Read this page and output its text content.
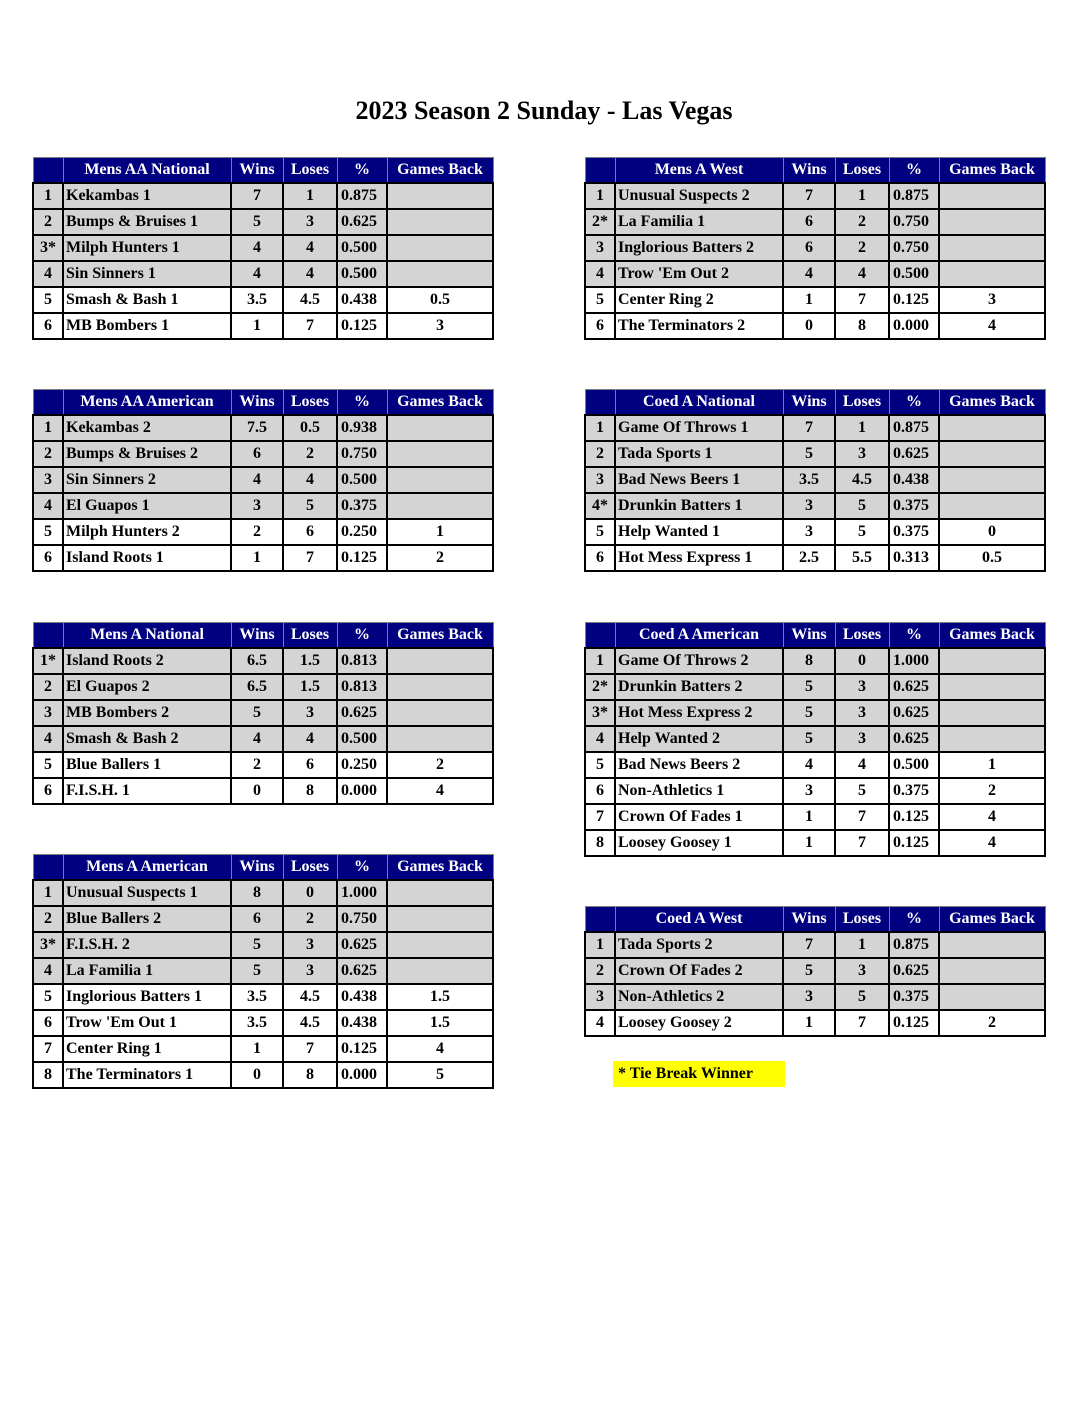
2023 Season 2 Sunday - Las Vegas
	Mens AA National	Wins	Loses	%	Games Back
1	Kekambas 1	7	1	0.875	
2	Bumps & Bruises 1	5	3	0.625	
3*	Milph Hunters 1	4	4	0.500	
4	Sin Sinners 1	4	4	0.500	
5	Smash & Bash 1	3.5	4.5	0.438	0.5
6	MB Bombers 1	1	7	0.125	3
	Mens AA American	Wins	Loses	%	Games Back
1	Kekambas 2	7.5	0.5	0.938	
2	Bumps & Bruises 2	6	2	0.750	
3	Sin Sinners 2	4	4	0.500	
4	El Guapos 1	3	5	0.375	
5	Milph Hunters 2	2	6	0.250	1
6	Island Roots 1	1	7	0.125	2
	Mens A National	Wins	Loses	%	Games Back
1*	Island Roots 2	6.5	1.5	0.813	
2	El Guapos 2	6.5	1.5	0.813	
3	MB Bombers 2	5	3	0.625	
4	Smash & Bash 2	4	4	0.500	
5	Blue Ballers 1	2	6	0.250	2
6	F.I.S.H. 1	0	8	0.000	4
	Mens A American	Wins	Loses	%	Games Back
1	Unusual Suspects 1	8	0	1.000	
2	Blue Ballers 2	6	2	0.750	
3*	F.I.S.H. 2	5	3	0.625	
4	La Familia 1	5	3	0.625	
5	Inglorious Batters 1	3.5	4.5	0.438	1.5
6	Trow 'Em Out 1	3.5	4.5	0.438	1.5
7	Center Ring 1	1	7	0.125	4
8	The Terminators 1	0	8	0.000	5
	Mens A West	Wins	Loses	%	Games Back
1	Unusual Suspects 2	7	1	0.875	
2*	La Familia 1	6	2	0.750	
3	Inglorious Batters 2	6	2	0.750	
4	Trow 'Em Out 2	4	4	0.500	
5	Center Ring 2	1	7	0.125	3
6	The Terminators 2	0	8	0.000	4
	Coed A National	Wins	Loses	%	Games Back
1	Game Of Throws 1	7	1	0.875	
2	Tada Sports 1	5	3	0.625	
3	Bad News Beers 1	3.5	4.5	0.438	
4*	Drunkin Batters 1	3	5	0.375	
5	Help Wanted 1	3	5	0.375	0
6	Hot Mess Express 1	2.5	5.5	0.313	0.5
	Coed A American	Wins	Loses	%	Games Back
1	Game Of Throws 2	8	0	1.000	
2*	Drunkin Batters 2	5	3	0.625	
3*	Hot Mess Express 2	5	3	0.625	
4	Help Wanted 2	5	3	0.625	
5	Bad News Beers 2	4	4	0.500	1
6	Non-Athletics 1	3	5	0.375	2
7	Crown Of Fades 1	1	7	0.125	4
8	Loosey Goosey 1	1	7	0.125	4
	Coed A West	Wins	Loses	%	Games Back
1	Tada Sports 2	7	1	0.875	
2	Crown Of Fades 2	5	3	0.625	
3	Non-Athletics 2	3	5	0.375	
4	Loosey Goosey 2	1	7	0.125	2
* Tie Break Winner
